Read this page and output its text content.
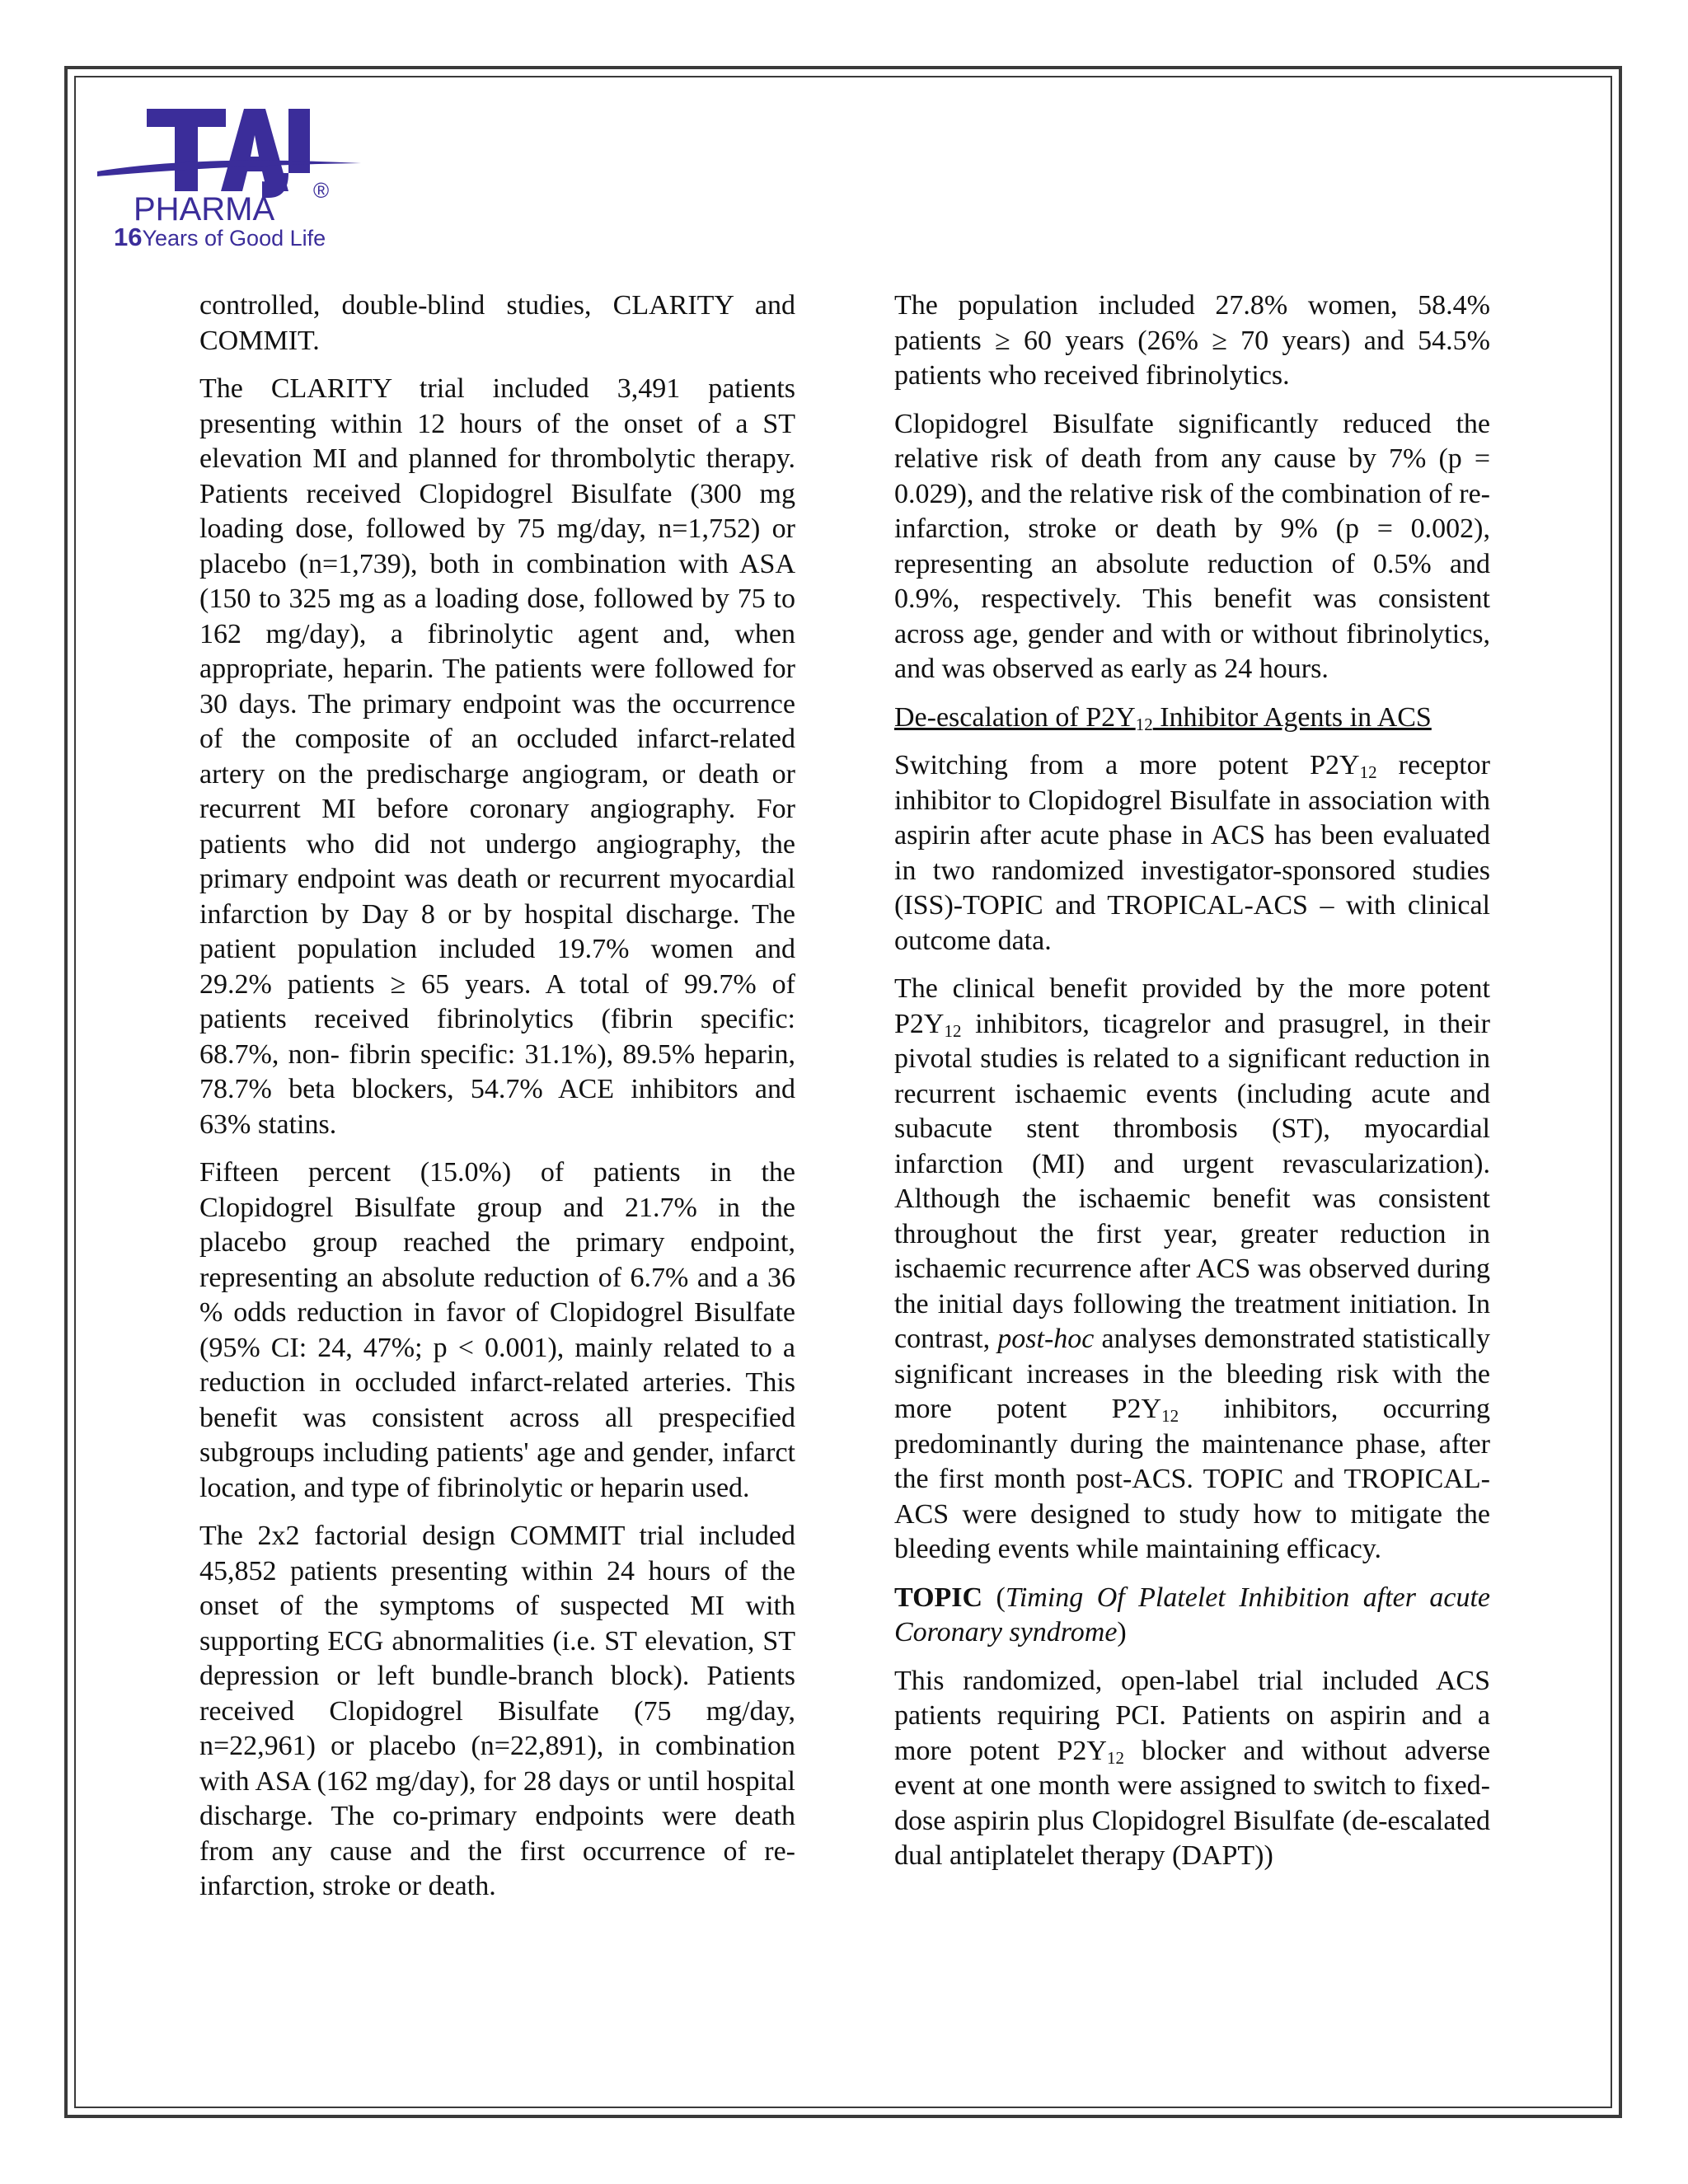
PHARMA
®
16Years of Good Life

controlled, double-blind studies, CLARITY and COMMIT.

The CLARITY trial included 3,491 patients presenting within 12 hours of the onset of a ST elevation MI and planned for thrombolytic therapy. Patients received Clopidogrel Bisulfate (300 mg loading dose, followed by 75 mg/day, n=1,752) or placebo (n=1,739), both in combination with ASA (150 to 325 mg as a loading dose, followed by 75 to 162 mg/day), a fibrinolytic agent and, when appropriate, heparin. The patients were followed for 30 days. The primary endpoint was the occurrence of the composite of an occluded infarct-related artery on the predischarge angiogram, or death or recurrent MI before coronary angiography. For patients who did not undergo angiography, the primary endpoint was death or recurrent myocardial infarction by Day 8 or by hospital discharge. The patient population included 19.7% women and 29.2% patients ≥ 65 years. A total of 99.7% of patients received fibrinolytics (fibrin specific: 68.7%, non- fibrin specific: 31.1%), 89.5% heparin, 78.7% beta blockers, 54.7% ACE inhibitors and 63% statins.

Fifteen percent (15.0%) of patients in the Clopidogrel Bisulfate group and 21.7% in the placebo group reached the primary endpoint, representing an absolute reduction of 6.7% and a 36 % odds reduction in favor of Clopidogrel Bisulfate (95% CI: 24, 47%; p < 0.001), mainly related to a reduction in occluded infarct-related arteries. This benefit was consistent across all prespecified subgroups including patients' age and gender, infarct location, and type of fibrinolytic or heparin used.

The 2x2 factorial design COMMIT trial included 45,852 patients presenting within 24 hours of the onset of the symptoms of suspected MI with supporting ECG abnormalities (i.e. ST elevation, ST depression or left bundle-branch block). Patients received Clopidogrel Bisulfate (75 mg/day, n=22,961) or placebo (n=22,891), in combination with ASA (162 mg/day), for 28 days or until hospital discharge. The co-primary endpoints were death from any cause and the first occurrence of re-infarction, stroke or death.

The population included 27.8% women, 58.4% patients ≥ 60 years (26% ≥ 70 years) and 54.5% patients who received fibrinolytics.

Clopidogrel Bisulfate significantly reduced the relative risk of death from any cause by 7% (p = 0.029), and the relative risk of the combination of re-infarction, stroke or death by 9% (p = 0.002), representing an absolute reduction of 0.5% and 0.9%, respectively. This benefit was consistent across age, gender and with or without fibrinolytics, and was observed as early as 24 hours.

De-escalation of $P2Y_{12}$ Inhibitor Agents in ACS

Switching from a more potent $P2Y_{12}$ receptor inhibitor to Clopidogrel Bisulfate in association with aspirin after acute phase in ACS has been evaluated in two randomized investigator-sponsored studies (ISS)-TOPIC and TROPICAL-ACS – with clinical outcome data.

The clinical benefit provided by the more potent $P2Y_{12}$ inhibitors, ticagrelor and prasugrel, in their pivotal studies is related to a significant reduction in recurrent ischaemic events (including acute and subacute stent thrombosis (ST), myocardial infarction (MI) and urgent revascularization). Although the ischaemic benefit was consistent throughout the first year, greater reduction in ischaemic recurrence after ACS was observed during the initial days following the treatment initiation. In contrast, post-hoc analyses demonstrated statistically significant increases in the bleeding risk with the more potent $P2Y_{12}$ inhibitors, occurring predominantly during the maintenance phase, after the first month post-ACS. TOPIC and TROPICAL-ACS were designed to study how to mitigate the bleeding events while maintaining efficacy.

TOPIC (Timing Of Platelet Inhibition after acute Coronary syndrome)

This randomized, open-label trial included ACS patients requiring PCI. Patients on aspirin and a more potent $P2Y_{12}$ blocker and without adverse event at one month were assigned to switch to fixed-dose aspirin plus Clopidogrel Bisulfate (de-escalated dual antiplatelet therapy (DAPT))
